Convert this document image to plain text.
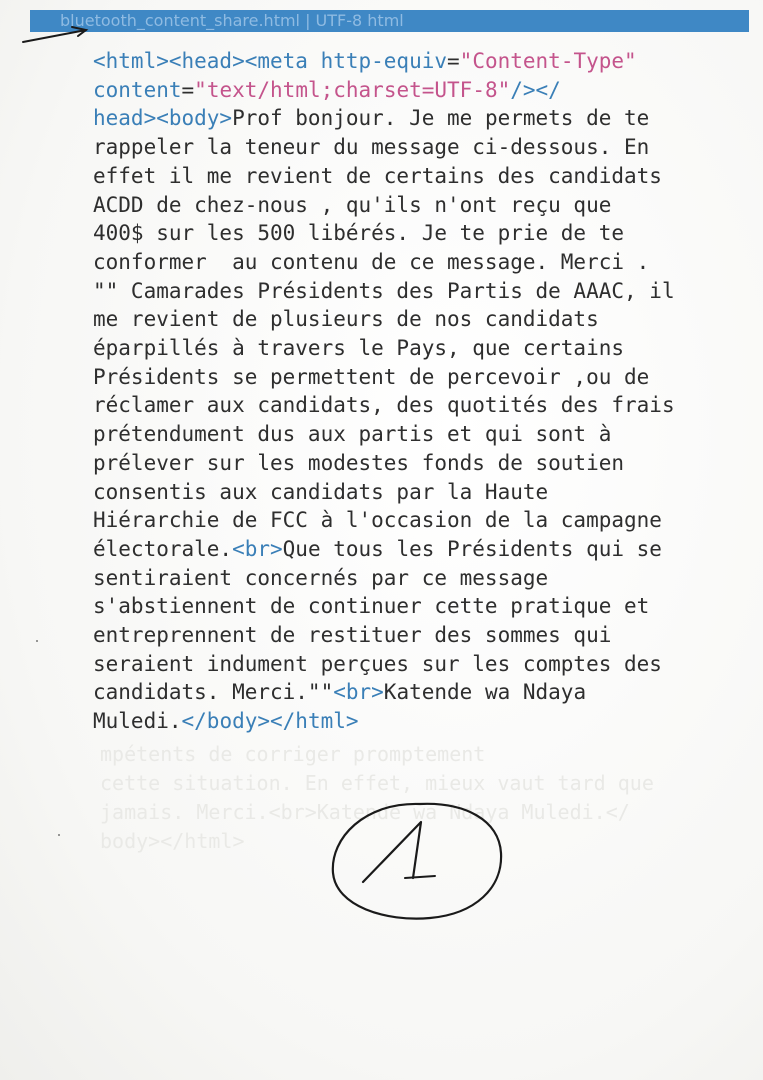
bluetooth_content_share.html | UTF-8 html
mpétents de corriger promptement
cette situation. En effet, mieux vaut tard que
jamais. Merci.<br>Katende wa Ndaya Muledi.</
body></html>
<html><head><meta http-equiv="Content-Type"
content="text/html;charset=UTF-8"/></
head><body>Prof bonjour. Je me permets de te
rappeler la teneur du message ci-dessous. En
effet il me revient de certains des candidats
ACDD de chez-nous , qu'ils n'ont reçu que
400$ sur les 500 libérés. Je te prie de te
conformer  au contenu de ce message. Merci .
"" Camarades Présidents des Partis de AAAC, il
me revient de plusieurs de nos candidats
éparpillés à travers le Pays, que certains
Présidents se permettent de percevoir ,ou de
réclamer aux candidats, des quotités des frais
prétendument dus aux partis et qui sont à
prélever sur les modestes fonds de soutien
consentis aux candidats par la Haute
Hiérarchie de FCC à l'occasion de la campagne
électorale.<br>Que tous les Présidents qui se
sentiraient concernés par ce message
s'abstiennent de continuer cette pratique et
entreprennent de restituer des sommes qui
seraient indument perçues sur les comptes des
candidats. Merci.""<br>Katende wa Ndaya
Muledi.</body></html>
